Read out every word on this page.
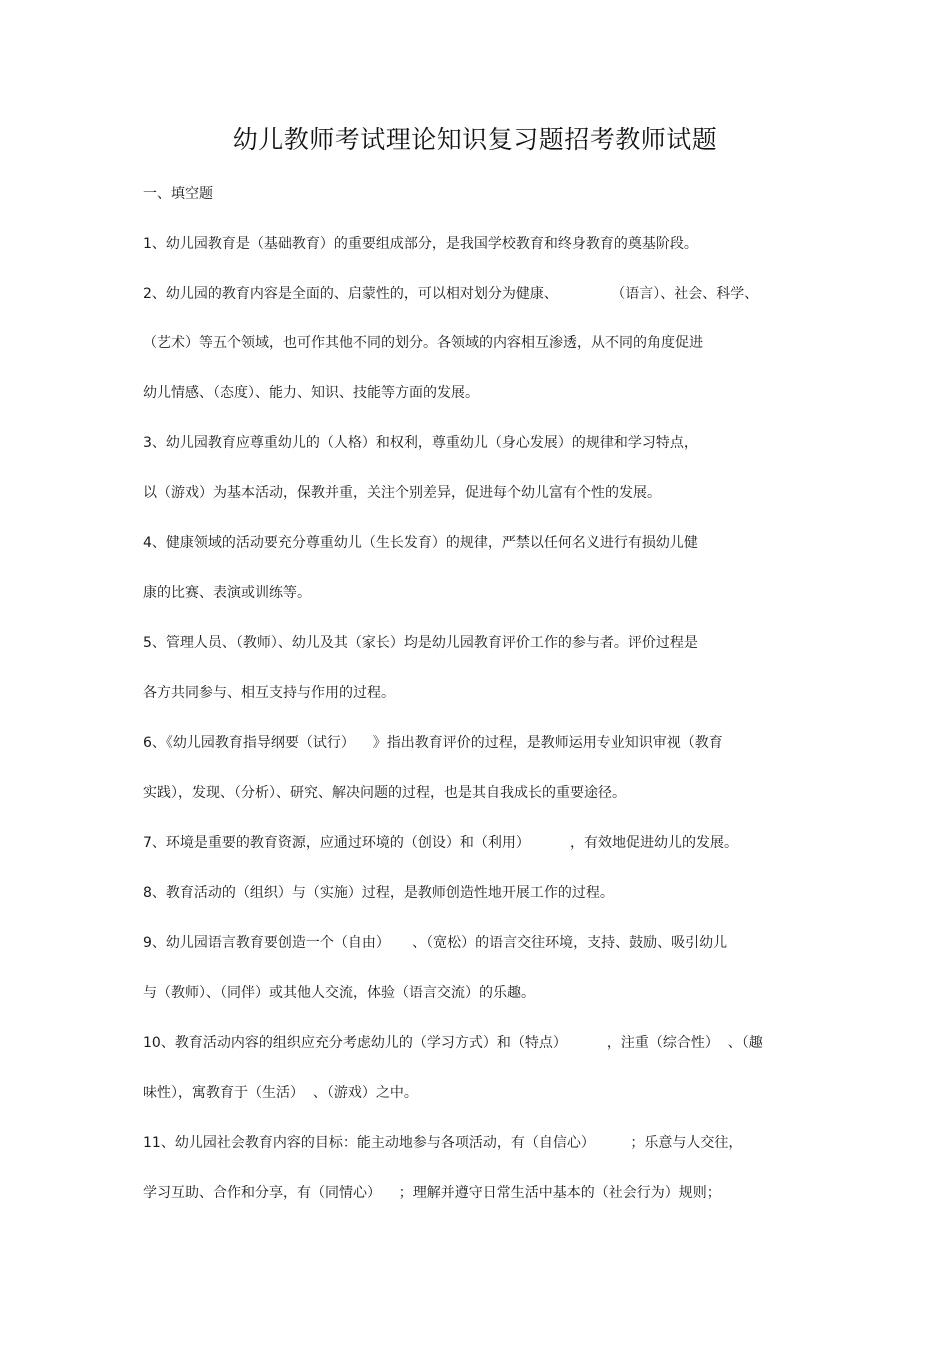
幼儿教师考试理论知识复习题招考教师试题
一、填空题
1、幼儿园教育是（基础教育）的重要组成部分，是我国学校教育和终身教育的奠基阶段。
2、幼儿园的教育内容是全面的、启蒙性的，可以相对划分为健康、            （语言）、社会、科学、
（艺术）等五个领域，也可作其他不同的划分。各领域的内容相互渗透，从不同的角度促进
幼儿情感、（态度）、能力、知识、技能等方面的发展。
3、幼儿园教育应尊重幼儿的（人格）和权利，尊重幼儿（身心发展）的规律和学习特点，
以（游戏）为基本活动，保教并重，关注个别差异，促进每个幼儿富有个性的发展。
4、健康领域的活动要充分尊重幼儿（生长发育）的规律，严禁以任何名义进行有损幼儿健
康的比赛、表演或训练等。
5、管理人员、（教师）、幼儿及其（家长）均是幼儿园教育评价工作的参与者。评价过程是
各方共同参与、相互支持与作用的过程。
6、《幼儿园教育指导纲要（试行）    》指出教育评价的过程，是教师运用专业知识审视（教育
实践），发现、（分析）、研究、解决问题的过程，也是其自我成长的重要途径。
7、环境是重要的教育资源，应通过环境的（创设）和（利用）         ，有效地促进幼儿的发展。
8、教育活动的（组织）与（实施）过程，是教师创造性地开展工作的过程。
9、幼儿园语言教育要创造一个（自由）     、（宽松）的语言交往环境，支持、鼓励、吸引幼儿
与（教师）、（同伴）或其他人交流，体验（语言交流）的乐趣。
10、教育活动内容的组织应充分考虑幼儿的（学习方式）和（特点）         ，注重（综合性）  、（趣
味性），寓教育于（生活）  、（游戏）之中。
11、幼儿园社会教育内容的目标：能主动地参与各项活动，有（自信心）        ；乐意与人交往，
学习互助、合作和分享，有（同情心）    ；理解并遵守日常生活中基本的（社会行为）规则；
